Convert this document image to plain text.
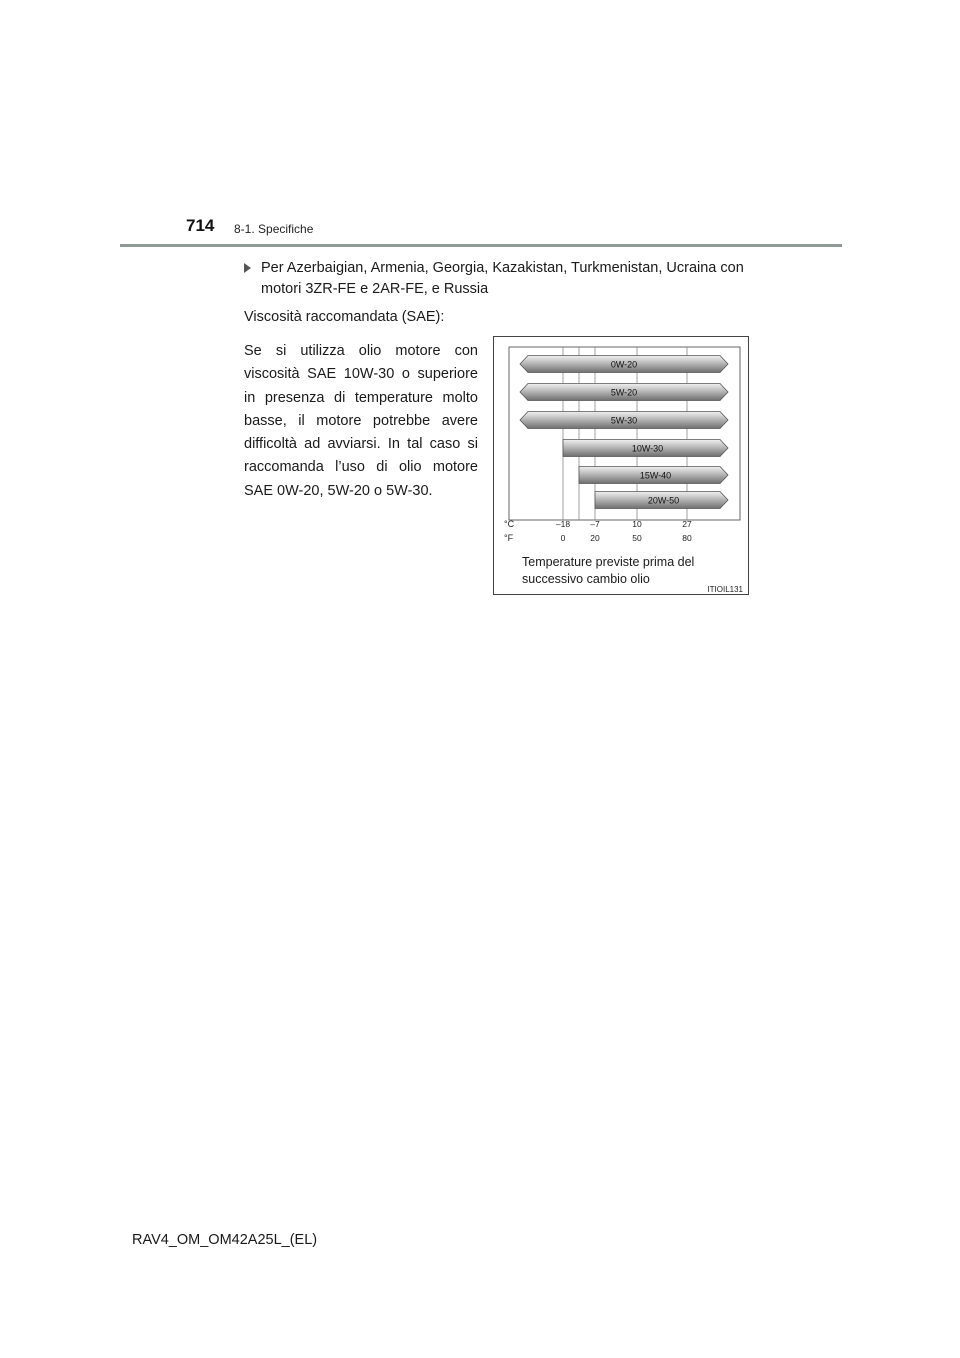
714 8-1. Specifiche
Per Azerbaigian, Armenia, Georgia, Kazakistan, Turkmenistan, Ucraina con motori 3ZR-FE e 2AR-FE, e Russia
Viscosità raccomandata (SAE):
Se si utilizza olio motore con viscosità SAE 10W-30 o superiore in presenza di temperature molto basse, il motore potrebbe avere difficoltà ad avviarsi. In tal caso si raccomanda l’uso di olio motore SAE 0W-20, 5W-20 o 5W-30.
0W-20
5W-20
5W-30
10W-30
15W-40
20W-50
°C
°F
–18 –7	10	27
0	20	50	80
Temperature previste prima del
successivo cambio olio
ITIOIL131
RAV4_OM_OM42A25L_(EL)
